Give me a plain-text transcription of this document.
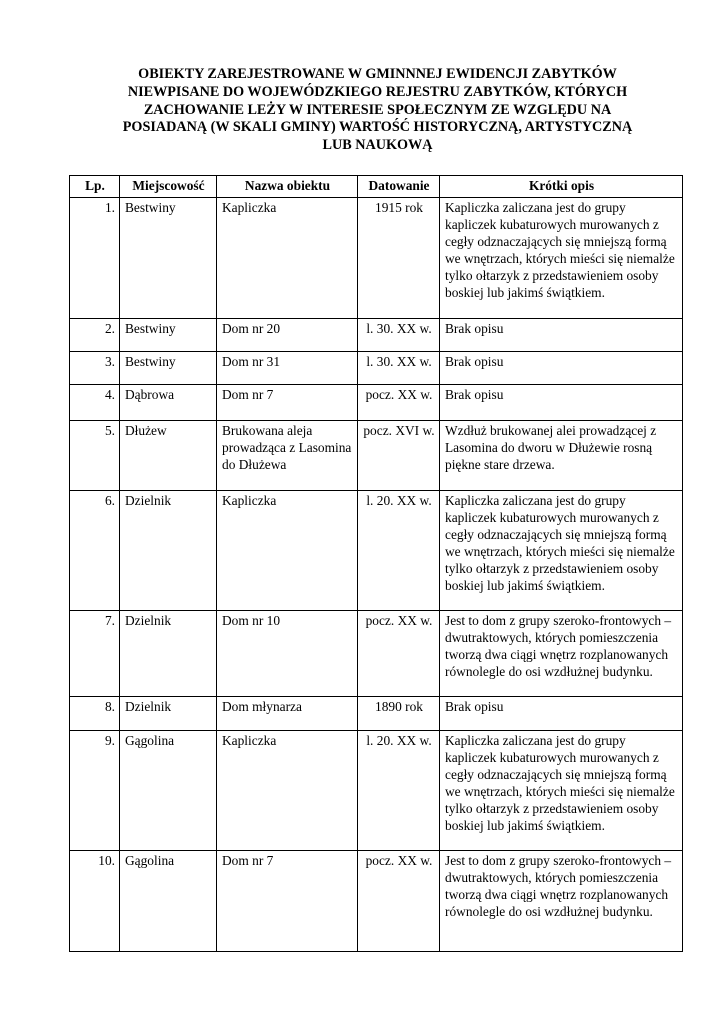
OBIEKTY ZAREJESTROWANE W GMINNNEJ EWIDENCJI ZABYTKÓW
NIEWPISANE DO WOJEWÓDZKIEGO REJESTRU ZABYTKÓW, KTÓRYCH
ZACHOWANIE LEŻY W INTERESIE SPOŁECZNYM ZE WZGLĘDU NA
POSIADANĄ (W SKALI GMINY) WARTOŚĆ HISTORYCZNĄ, ARTYSTYCZNĄ
LUB NAUKOWĄ
Lp.	Miejscowość	Nazwa obiektu	Datowanie	Krótki opis
1.	Bestwiny	Kapliczka	1915 rok	Kapliczka zaliczana jest do grupy kapliczek kubaturowych murowanych z cegły odznaczających się mniejszą formą we wnętrzach, których mieści się niemalże tylko ołtarzyk z przedstawieniem osoby boskiej lub jakimś świątkiem.
2.	Bestwiny	Dom nr 20	l. 30. XX w.	Brak opisu
3.	Bestwiny	Dom nr 31	l. 30. XX w.	Brak opisu
4.	Dąbrowa	Dom nr 7	pocz. XX w.	Brak opisu
5.	Dłużew	Brukowana aleja prowadząca z Lasomina do Dłużewa	pocz. XVI w.	Wzdłuż brukowanej alei prowadzącej z Lasomina do dworu w Dłużewie rosną piękne stare drzewa.
6.	Dzielnik	Kapliczka	l. 20. XX w.	Kapliczka zaliczana jest do grupy kapliczek kubaturowych murowanych z cegły odznaczających się mniejszą formą we wnętrzach, których mieści się niemalże tylko ołtarzyk z przedstawieniem osoby boskiej lub jakimś świątkiem.
7.	Dzielnik	Dom nr 10	pocz. XX w.	Jest to dom z grupy szeroko-frontowych – dwutraktowych, których pomieszczenia tworzą dwa ciągi wnętrz rozplanowanych równolegle do osi wzdłużnej budynku.
8.	Dzielnik	Dom młynarza	1890 rok	Brak opisu
9.	Gągolina	Kapliczka	l. 20. XX w.	Kapliczka zaliczana jest do grupy kapliczek kubaturowych murowanych z cegły odznaczających się mniejszą formą we wnętrzach, których mieści się niemalże tylko ołtarzyk z przedstawieniem osoby boskiej lub jakimś świątkiem.
10.	Gągolina	Dom nr 7	pocz. XX w.	Jest to dom z grupy szeroko-frontowych – dwutraktowych, których pomieszczenia tworzą dwa ciągi wnętrz rozplanowanych równolegle do osi wzdłużnej budynku.
